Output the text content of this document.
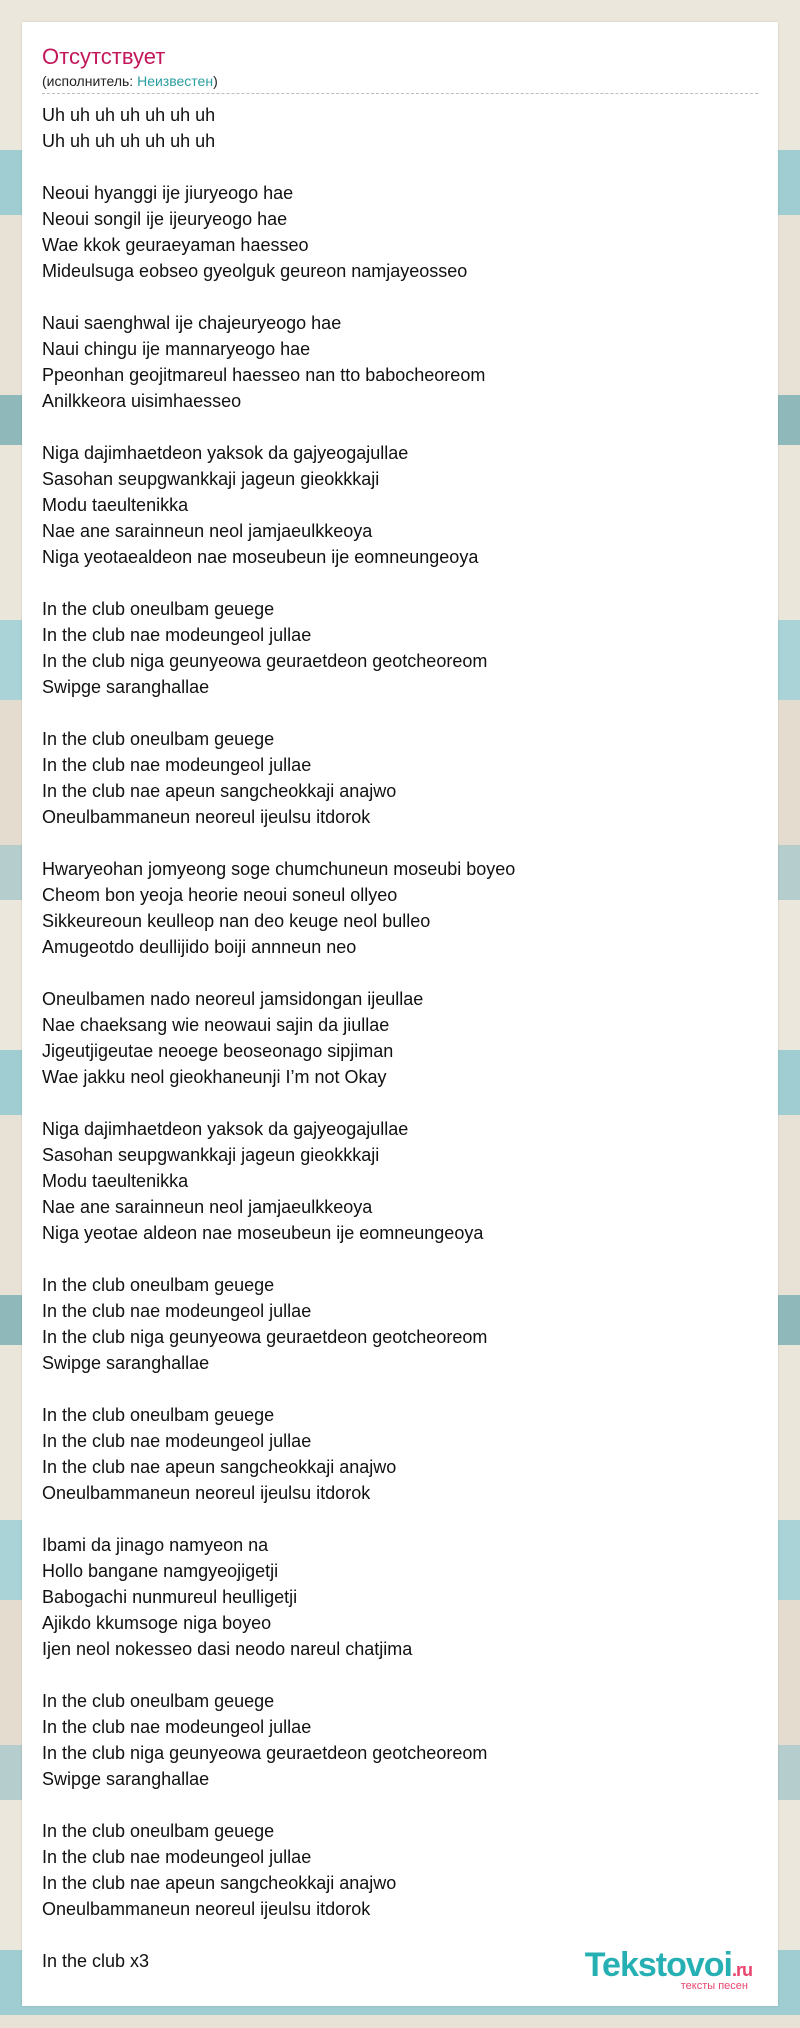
Отсутствует
(исполнитель: Неизвестен)
Uh uh uh uh uh uh uh
Uh uh uh uh uh uh uh
Neoui hyanggi ije jiuryeogo hae
Neoui songil ije ijeuryeogo hae
Wae kkok geuraeyaman haesseo
Mideulsuga eobseo gyeolguk geureon namjayeosseo
Naui saenghwal ije chajeuryeogo hae
Naui chingu ije mannaryeogo hae
Ppeonhan geojitmareul haesseo nan tto babocheoreom
Anilkkeora uisimhaesseo
Niga dajimhaetdeon yaksok da gajyeogajullae
Sasohan seupgwankkaji jageun gieokkkaji
Modu taeultenikka
Nae ane sarainneun neol jamjaeulkkeoya
Niga yeotaealdeon nae moseubeun ije eomneungeoya
In the club oneulbam geuege
In the club nae modeungeol jullae
In the club niga geunyeowa geuraetdeon geotcheoreom
Swipge saranghallae
In the club oneulbam geuege
In the club nae modeungeol jullae
In the club nae apeun sangcheokkaji anajwo
Oneulbammaneun neoreul ijeulsu itdorok
Hwaryeohan jomyeong soge chumchuneun moseubi boyeo
Cheom bon yeoja heorie neoui soneul ollyeo
Sikkeureoun keulleop nan deo keuge neol bulleo
Amugeotdo deullijido boiji annneun neo
Oneulbamen nado neoreul jamsidongan ijeullae
Nae chaeksang wie neowaui sajin da jiullae
Jigeutjigeutae neoege beoseonago sipjiman
Wae jakku neol gieokhaneunji I’m not Okay
Niga dajimhaetdeon yaksok da gajyeogajullae
Sasohan seupgwankkaji jageun gieokkkaji
Modu taeultenikka
Nae ane sarainneun neol jamjaeulkkeoya
Niga yeotae aldeon nae moseubeun ije eomneungeoya
In the club oneulbam geuege
In the club nae modeungeol jullae
In the club niga geunyeowa geuraetdeon geotcheoreom
Swipge saranghallae
In the club oneulbam geuege
In the club nae modeungeol jullae
In the club nae apeun sangcheokkaji anajwo
Oneulbammaneun neoreul ijeulsu itdorok
Ibami da jinago namyeon na
Hollo bangane namgyeojigetji
Babogachi nunmureul heulligetji
Ajikdo kkumsoge niga boyeo
Ijen neol nokesseo dasi neodo nareul chatjima
In the club oneulbam geuege
In the club nae modeungeol jullae
In the club niga geunyeowa geuraetdeon geotcheoreom
Swipge saranghallae
In the club oneulbam geuege
In the club nae modeungeol jullae
In the club nae apeun sangcheokkaji anajwo
Oneulbammaneun neoreul ijeulsu itdorok
In the club x3	Tekstovoi.ru
тексты песен
